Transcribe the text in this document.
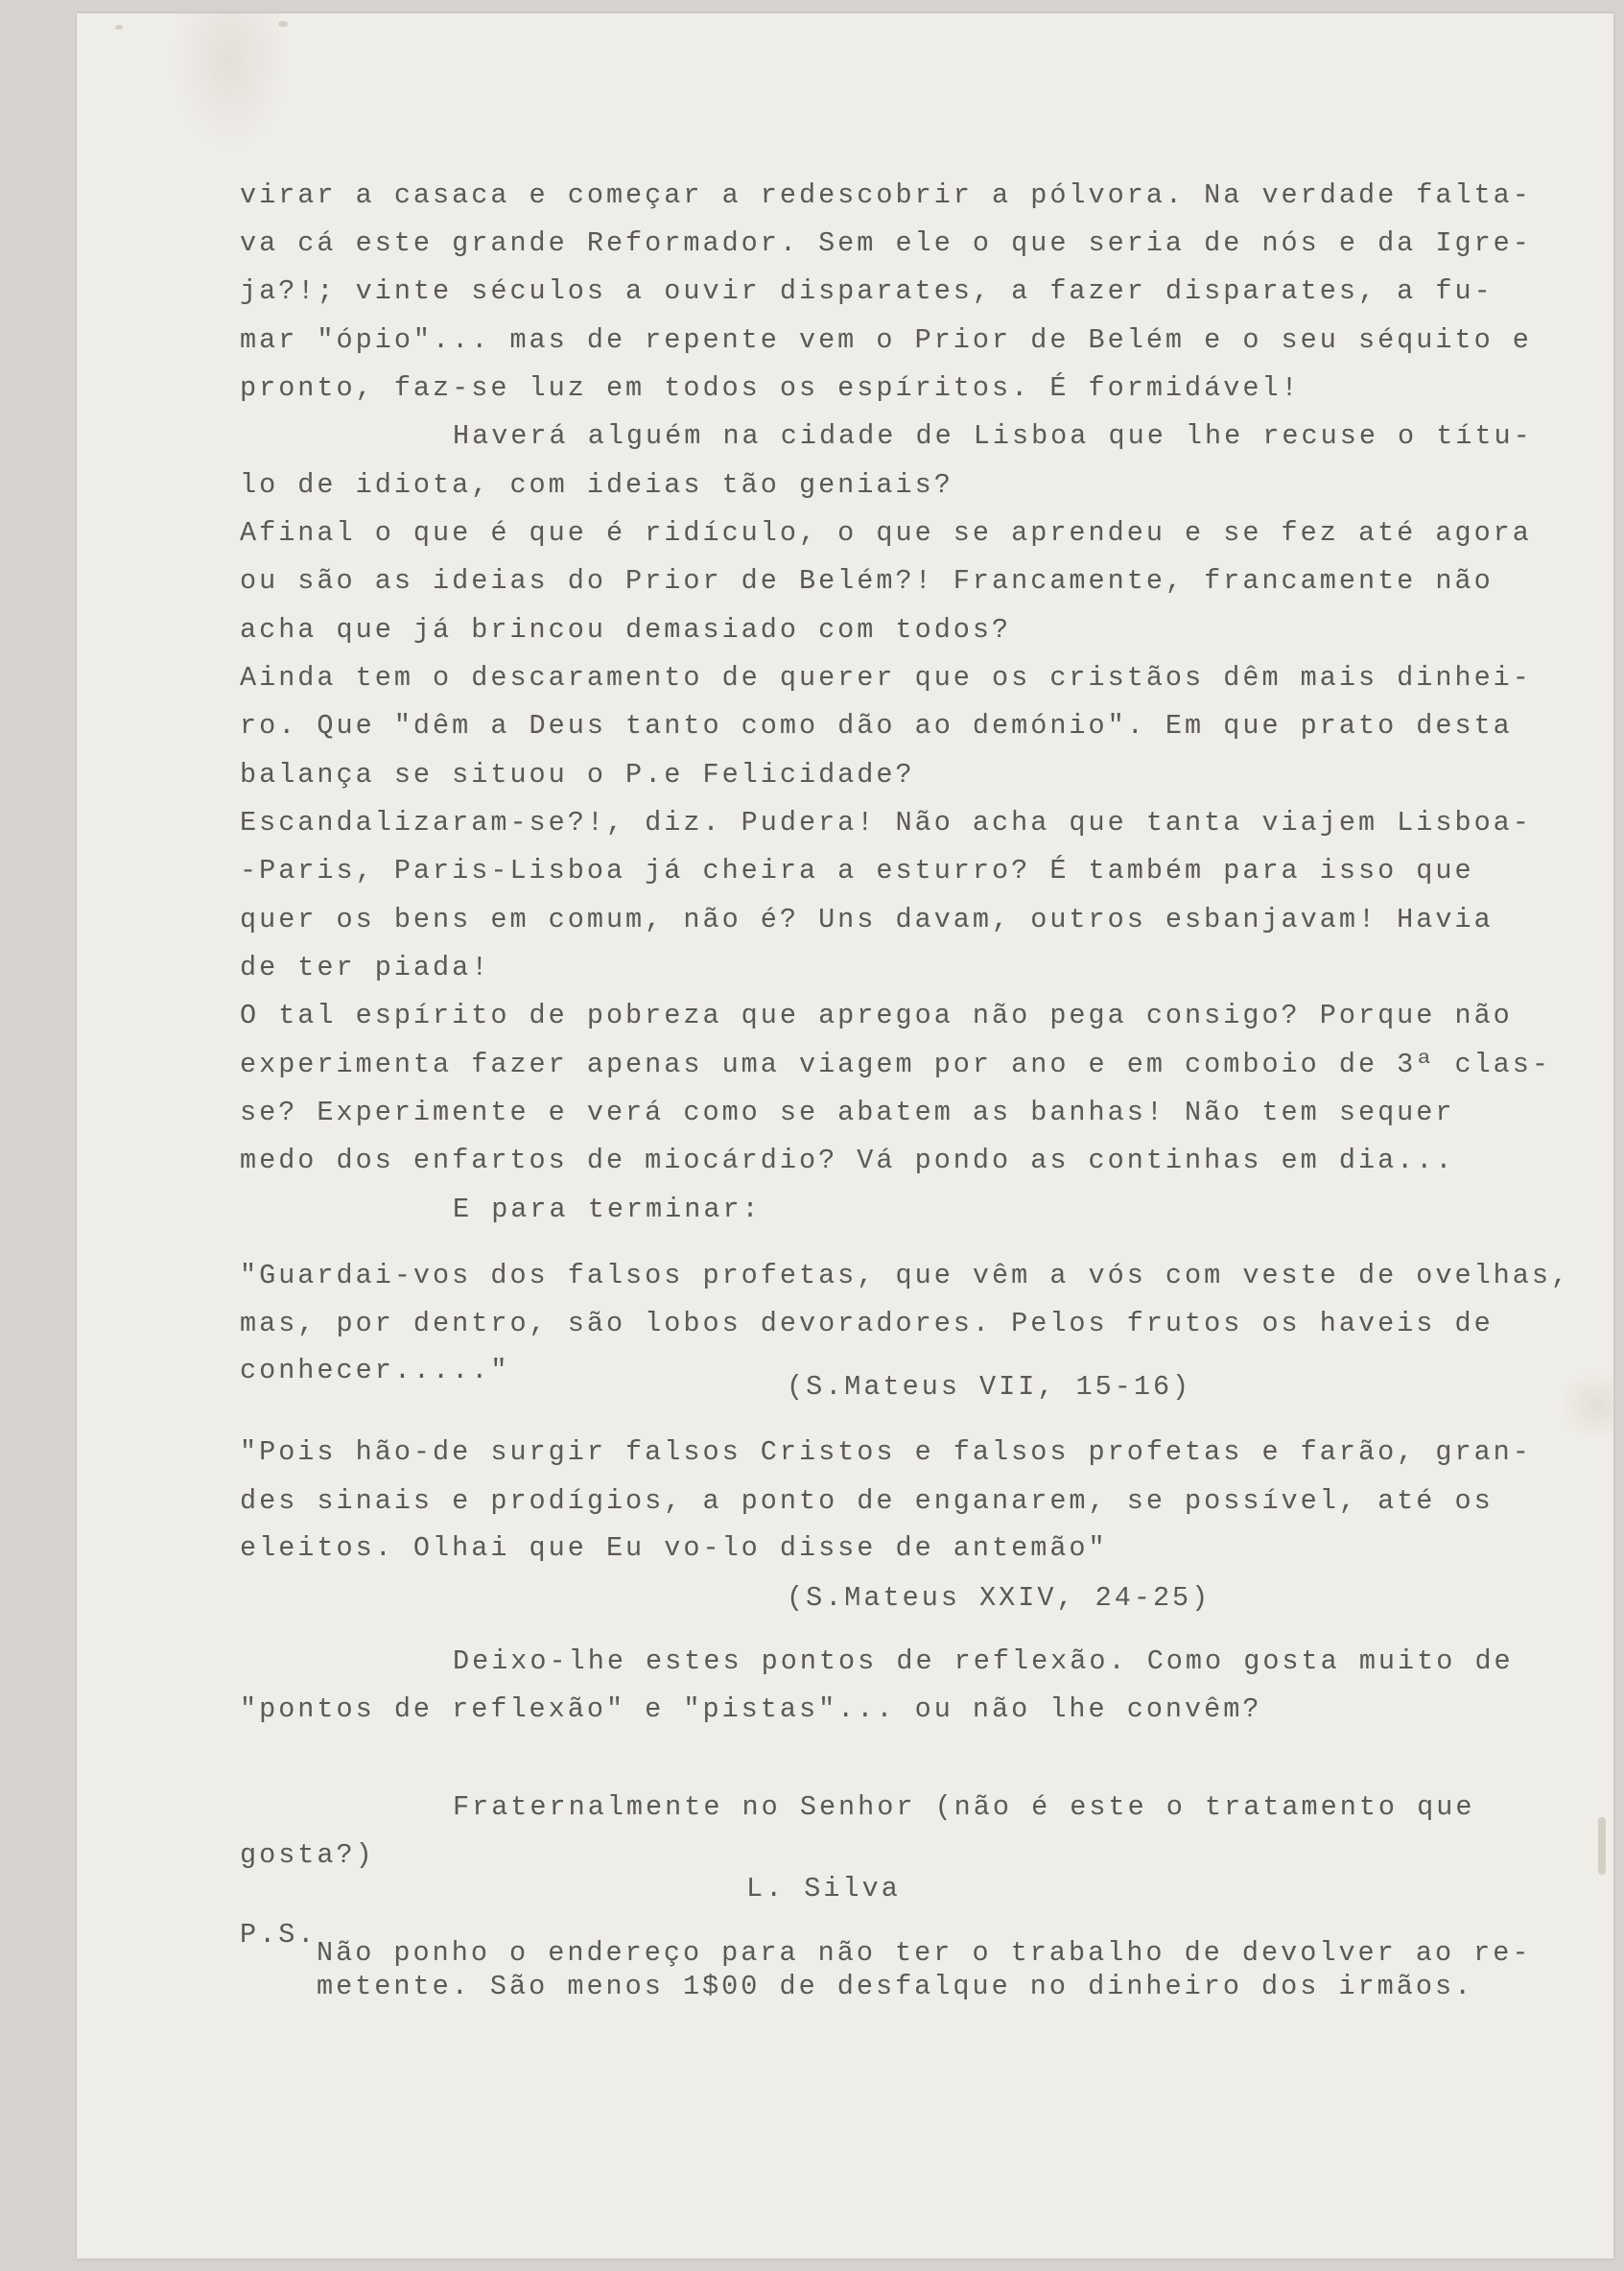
virar a casaca e começar a redescobrir a pólvora. Na verdade falta-
va cá este grande Reformador. Sem ele o que seria de nós e da Igre-
ja?!; vinte séculos a ouvir disparates, a fazer disparates, a fu-
mar "ópio"... mas de repente vem o Prior de Belém e o seu séquito e
pronto, faz-se luz em todos os espíritos. É formidável!
Haverá alguém na cidade de Lisboa que lhe recuse o títu-
lo de idiota, com ideias tão geniais?
Afinal o que é que é ridículo, o que se aprendeu e se fez até agora
ou são as ideias do Prior de Belém?! Francamente, francamente não
acha que já brincou demasiado com todos?
Ainda tem o descaramento de querer que os cristãos dêm mais dinhei-
ro. Que "dêm a Deus tanto como dão ao demónio". Em que prato desta
balança se situou o P.e Felicidade?
Escandalizaram-se?!, diz. Pudera! Não acha que tanta viajem Lisboa-
-Paris, Paris-Lisboa já cheira a esturro? É também para isso que
quer os bens em comum, não é? Uns davam, outros esbanjavam! Havia
de ter piada!
O tal espírito de pobreza que apregoa não pega consigo? Porque não
experimenta fazer apenas uma viagem por ano e em comboio de 3ª clas-
se? Experimente e verá como se abatem as banhas! Não tem sequer
medo dos enfartos de miocárdio? Vá pondo as continhas em dia...
E para terminar:
"Guardai-vos dos falsos profetas, que vêm a vós com veste de ovelhas,
mas, por dentro, são lobos devoradores. Pelos frutos os haveis de
conhecer....."
(S.Mateus VII, 15-16)
"Pois hão-de surgir falsos Cristos e falsos profetas e farão, gran-
des sinais e prodígios, a ponto de enganarem, se possível, até os
eleitos. Olhai que Eu vo-lo disse de antemão"
(S.Mateus XXIV, 24-25)
Deixo-lhe estes pontos de reflexão. Como gosta muito de
"pontos de reflexão" e "pistas"... ou não lhe convêm?
Fraternalmente no Senhor (não é este o tratamento que
gosta?)
L. Silva
P.S.
Não ponho o endereço para não ter o trabalho de devolver ao re-
metente. São menos 1$00 de desfalque no dinheiro dos irmãos.
